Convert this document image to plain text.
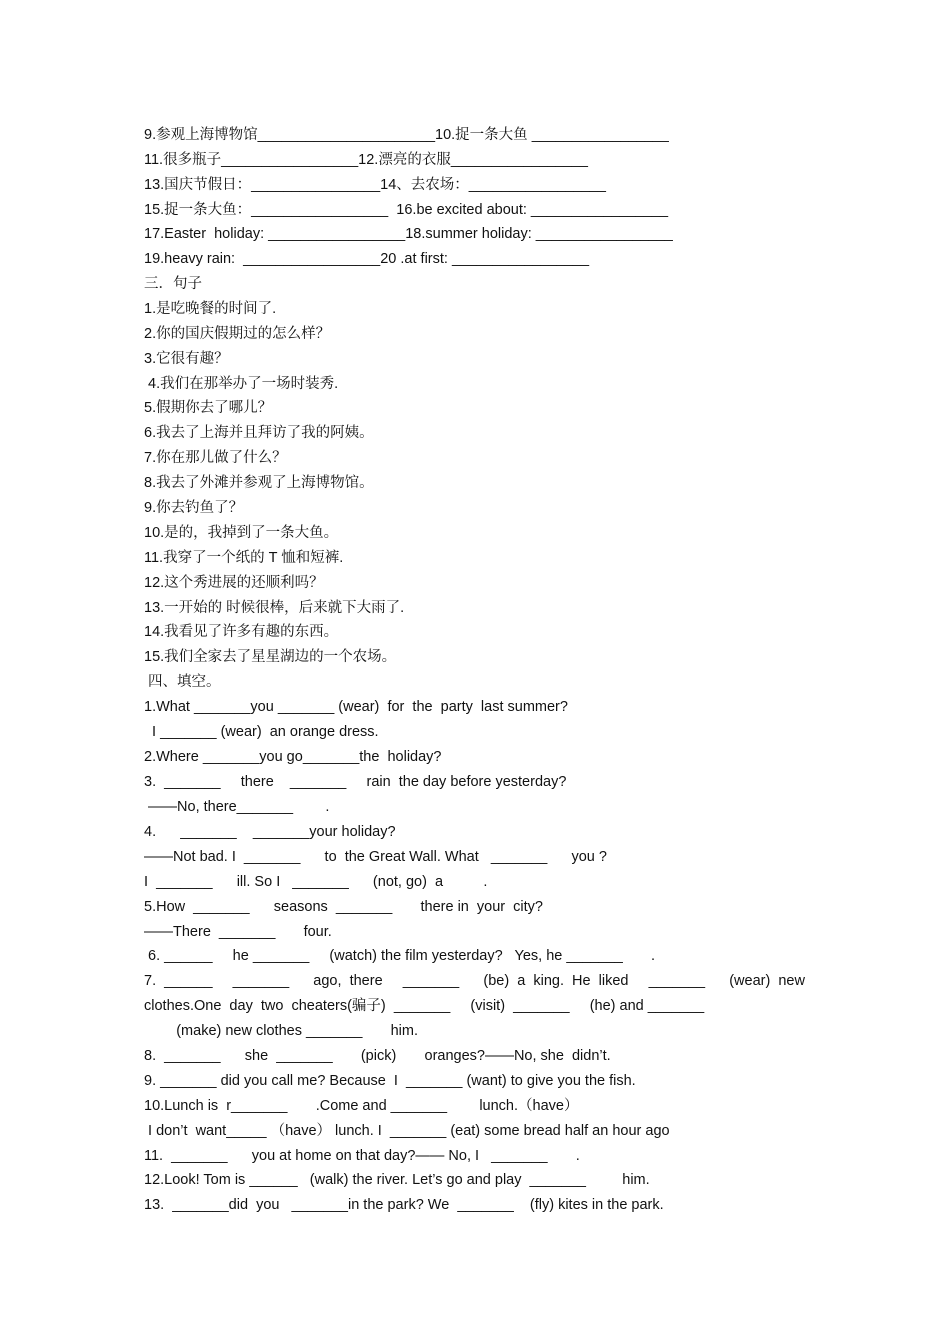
9.参观上海博物馆______________________10.捉一条大鱼 _________________
11.很多瓶子_________________12.漂亮的衣服_________________
13.国庆节假日：________________14、去农场：_________________
15.捉一条大鱼：_________________  16.be excited about: _________________
17.Easter  holiday: _________________18.summer holiday: _________________
19.heavy rain:  _________________20 .at first: _________________
三．句子
1.是吃晚餐的时间了.
2.你的国庆假期过的怎么样？
3.它很有趣？
4.我们在那举办了一场时装秀.
5.假期你去了哪儿？
6.我去了上海并且拜访了我的阿姨。
7.你在那儿做了什么？
8.我去了外滩并参观了上海博物馆。
9.你去钓鱼了？
10.是的，我掉到了一条大鱼。
11.我穿了一个纸的 T 恤和短裤.
12.这个秀进展的还顺利吗？
13.一开始的 时候很棒，后来就下大雨了.
14.我看见了许多有趣的东西。
15.我们全家去了星星湖边的一个农场。
四、填空。
1.What _______you _______ (wear)  for  the  party  last summer?
I _______ (wear)  an orange dress.
2.Where _______you go_______the  holiday?
3.  _______     there    _______     rain  the day before yesterday?
——No, there_______        .
4.      _______    _______your holiday?
——Not bad. I  _______      to  the Great Wall. What   _______      you ?
I  _______      ill. So I   _______      (not, go)  a          .
5.How  _______      seasons  _______       there in  your  city?
——There  _______       four.
6. ______     he _______     (watch) the film yesterday?   Yes, he _______       .
7.  ______     _______      ago,  there     _______      (be)  a  king.  He  liked     _______      (wear)  new
clothes.One  day  two  cheaters(骗子)  _______     (visit)  _______     (he) and _______
(make) new clothes _______       him.
8.  _______      she  _______       (pick)       oranges?——No, she  didn’t.
9. _______ did you call me? Because  I  _______ (want) to give you the fish.
10.Lunch is  r_______       .Come and _______        lunch.（have）
I don’t  want_____ （have） lunch. I  _______ (eat) some bread half an hour ago
11.  _______      you at home on that day?—— No, I   _______       .
12.Look! Tom is ______   (walk) the river. Let’s go and play  _______         him.
13.  _______did  you   _______in the park? We  _______    (fly) kites in the park.
